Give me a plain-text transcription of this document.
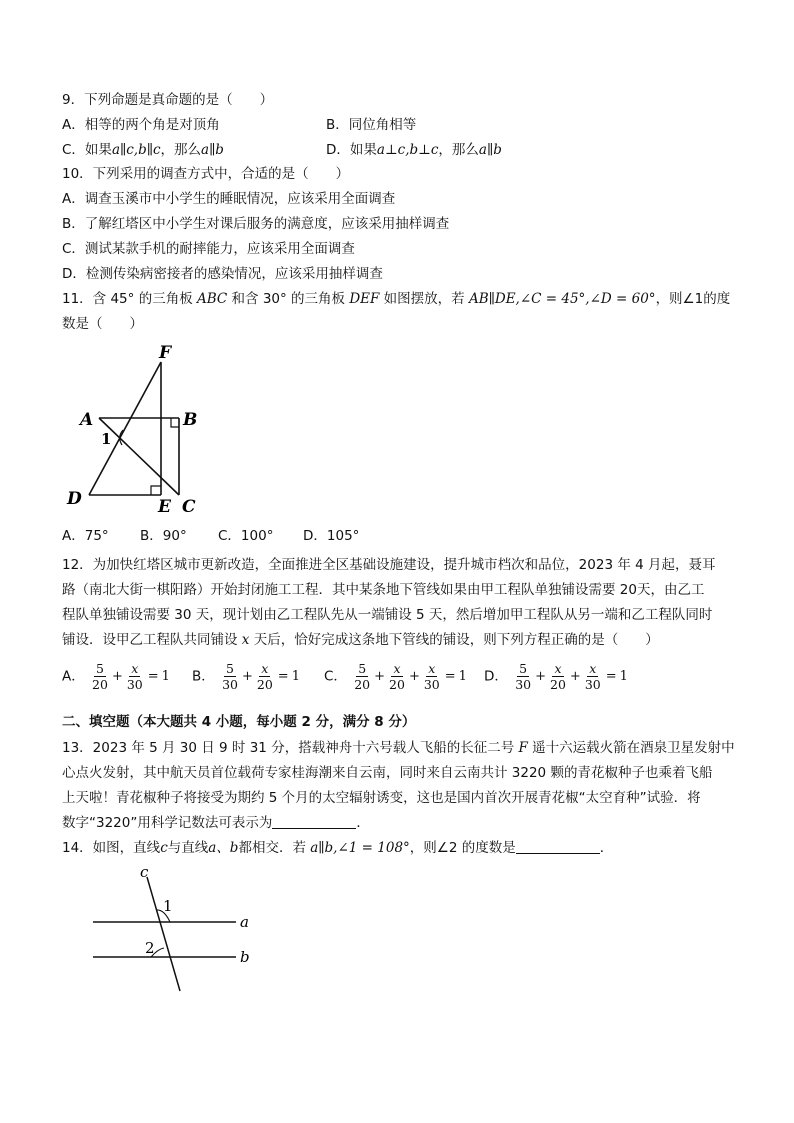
9．下列命题是真命题的是（　　）
A．相等的两个角是对顶角	B．同位角相等
C．如果a∥c,b∥c，那么a∥b	D．如果a⊥c,b⊥c，那么a∥b
10．下列采用的调查方式中，合适的是（　　）
A．调查玉溪市中小学生的睡眠情况，应该采用全面调查
B．了解红塔区中小学生对课后服务的满意度，应该采用抽样调查
C．测试某款手机的耐摔能力，应该采用全面调查
D．检测传染病密接者的感染情况，应该采用抽样调查
11．含 45° 的三角板 ABC 和含 30° 的三角板 DEF 如图摆放，若 AB∥DE,∠C = 45°,∠D = 60°，则∠1的度
数是（　　）
F
A	B
1
D	E C
A．75° B．90° C．100° D．105°
12．为加快红塔区城市更新改造，全面推进全区基础设施建设，提升城市档次和品位，2023 年 4 月起，聂耳
路（南北大街一棋阳路）开始封闭施工工程．其中某条地下管线如果由甲工程队单独铺设需要 20天，由乙工
程队单独铺设需要 30 天，现计划由乙工程队先从一端铺设 5 天，然后增加甲工程队从另一端和乙工程队同时
铺设．设甲乙工程队共同铺设 x 天后，恰好完成这条地下管线的铺设，则下列方程正确的是（　　）
A． $\frac{5}{20} + \frac{x}{30} = 1$ B． $\frac{5}{30} + \frac{x}{20} = 1$ C． $\frac{5}{20} + \frac{x}{20} + \frac{x}{30} = 1$ D． $\frac{5}{30} + \frac{x}{20} + \frac{x}{30} = 1$
二、填空题（本大题共 4 小题，每小题 2 分，满分 8 分）
13．2023 年 5 月 30 日 9 时 31 分，搭载神舟十六号载人飞船的长征二号 F 遥十六运载火箭在酒泉卫星发射中
心点火发射，其中航天员首位载荷专家桂海潮来自云南，同时来自云南共计 3220 颗的青花椒种子也乘着飞船
上天啦！青花椒种子将接受为期约 5 个月的太空辐射诱变，这也是国内首次开展青花椒“太空育种”试验．将
数字“3220”用科学记数法可表示为	．
14．如图，直线c与直线a、b都相交．若 a∥b,∠1 = 108°，则∠2 的度数是	．
c
1
a
2	b
